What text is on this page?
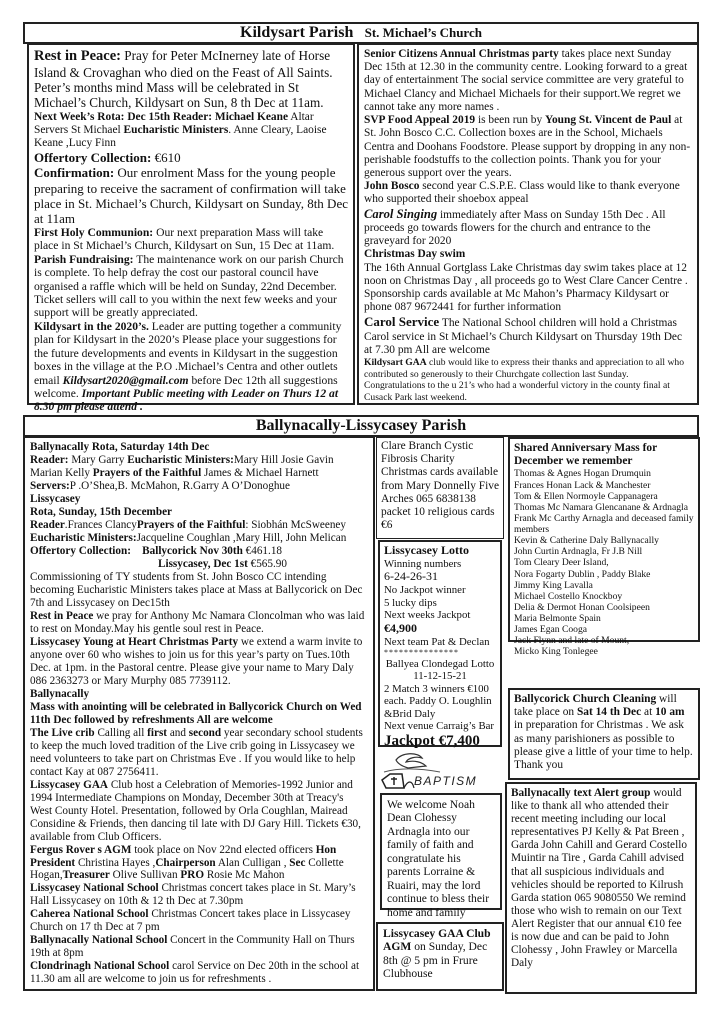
Kildysart Parish St. Michael’s Church

Rest in Peace: Pray for Peter McInerney late of Horse Island & Crovaghan who died on the Feast of All Saints. Peter’s months mind Mass will be celebrated in St Michael’s Church, Kildysart on Sun, 8 th Dec at 11am.

Next Week’s Rota: Dec 15th Reader: Michael Keane Altar Servers St Michael Eucharistic Ministers. Anne Cleary, Laoise Keane ,Lucy Finn

Offertory Collection: €610

Confirmation: Our enrolment Mass for the young people preparing to receive the sacrament of confirmation will take place in St. Michael’s Church, Kildysart on Sunday, 8th Dec at 11am

First Holy Communion: Our next preparation Mass will take place in St Michael’s Church, Kildysart on Sun, 15 Dec at 11am.

Parish Fundraising: The maintenance work on our parish Church is complete. To help defray the cost our pastoral council have organised a raffle which will be held on Sunday, 22nd December. Ticket sellers will call to you within the next few weeks and your support will be greatly appreciated.

Kildysart in the 2020’s. Leader are putting together a community plan for Kildysart in the 2020’s Please place your suggestions for the future developments and events in Kildysart in the suggestion boxes in the village at the P.O .Michael’s Centra and other outlets email Kildysart2020@gmail.com before Dec 12th all suggestions welcome. Important Public meeting with Leader on Thurs 12 at 8.30 pm please attend .

Senior Citizens Annual Christmas party takes place next Sunday Dec 15th at 12.30 in the community centre. Looking forward to a great day of entertainment The social service committee are very grateful to Michael Clancy and Michael Michaels for their support.We regret we cannot take any more names .

SVP Food Appeal 2019 is been run by Young St. Vincent de Paul at St. John Bosco C.C. Collection boxes are in the School, Michaels Centra and Doohans Foodstore. Please support by dropping in any non-perishable foodstuffs to the collection points. Thank you for your generous support over the years.

John Bosco second year C.S.P.E. Class would like to thank everyone who supported their shoebox appeal

Carol Singing immediately after Mass on Sunday 15th Dec . All proceeds go towards flowers for the church and entrance to the graveyard for 2020

Christmas Day swim

The 16th Annual Gortglass Lake Christmas day swim takes place at 12 noon on Christmas Day , all proceeds go to West Clare Cancer Centre . Sponsorship cards available at Mc Mahon’s Pharmacy Kildysart or phone 087 9672441 for further information

Carol Service The National School children will hold a Christmas Carol service in St Michael’s Church Kildysart on Thursday 19th Dec at 7.30 pm All are welcome

Kildysart GAA club would like to express their thanks and appreciation to all who contributed so generously to their Churchgate collection last Sunday. Congratulations to the u 21’s who had a wonderful victory in the county final at Cusack Park last weekend.

Ballynacally-Lissycasey Parish

Ballynacally Rota, Saturday 14th Dec

Reader: Mary Garry Eucharistic Ministers:Mary Hill Josie Gavin Marian Kelly Prayers of the Faithful James & Michael Harnett

Servers:P .O’Shea,B. McMahon, R.Garry A O’Donoghue

Lissycasey

Rota, Sunday, 15th December

Reader.Frances ClancyPrayers of the Faithful: Siobhán McSweeney

Eucharistic Ministers:Jacqueline Coughlan ,Mary Hill, John Melican

Offertory Collection: Ballycorick Nov 30th €461.18
Lissycasey, Dec 1st €565.90

Commissioning of TY students from St. John Bosco CC intending becoming Eucharistic Ministers takes place at Mass at Ballycorick on Dec 7th and Lissycasey on Dec15th

Rest in Peace we pray for Anthony Mc Namara Cloncolman who was laid to rest on Monday.May his gentle soul rest in Peace.

Lissycasey Young at Heart Christmas Party we extend a warm invite to anyone over 60 who wishes to join us for this year’s party on Tues.10th Dec. at 1pm. in the Pastoral centre. Please give your name to Mary Daly 086 2363273 or Mary Murphy 085 7739112.

Ballynacally

Mass with anointing will be celebrated in Ballycorick Church on Wed 11th Dec followed by refreshments All are welcome

The Live crib Calling all first and second year secondary school students to keep the much loved tradition of the Live crib going in Lissycasey we need volunteers to take part on Christmas Eve . If you would like to help contact Kay at 087 2756411.

Lissycasey GAA Club host a Celebration of Memories-1992 Junior and 1994 Intermediate Champions on Monday, December 30th at Treacy's West County Hotel. Presentation, followed by Orla Coughlan, Mairead Considine & Friends, then dancing til late with DJ Gary Hill. Tickets €30, available from Club Officers.

Fergus Rover s AGM took place on Nov 22nd elected officers Hon President Christina Hayes ,Chairperson Alan Culligan , Sec Collette Hogan,Treasurer Olive Sullivan PRO Rosie Mc Mahon

Lissycasey National School Christmas concert takes place in St. Mary’s Hall Lissycasey on 10th & 12 th Dec at 7.30pm

Caherea National School Christmas Concert takes place in Lissycasey Church on 17 th Dec at 7 pm

Ballynacally National School Concert in the Community Hall on Thurs 19th at 8pm

Clondrinagh National School carol Service on Dec 20th in the school at 11.30 am all are welcome to join us for refreshments .

Clare Branch Cystic Fibrosis Charity Christmas cards available from Mary Donnelly Five Arches 065 6838138 packet 10 religious cards €6

Lissycasey Lotto

Winning numbers

6-24-26-31

No Jackpot winner

5 lucky dips

Next weeks Jackpot

€4,900

Next team Pat & Declan

***************

Ballyea Clondegad Lotto

11-12-15-21

2 Match 3 winners €100 each. Paddy O. Loughlin &Brid Daly

Next venue Carraig’s Bar

Jackpot €7,400

BAPTISM

We welcome Noah Dean Clohessy Ardnagla into our family of faith and congratulate his parents Lorraine & Ruairi, may the lord continue to bless their home and family

Lissycasey GAA Club AGM on Sunday, Dec 8th @ 5 pm in Frure Clubhouse

Shared Anniversary Mass for December we remember

Thomas & Agnes Hogan Drumquin

Frances Honan Lack & Manchester

Tom & Ellen Normoyle Cappanagera

Thomas Mc Namara Glencanane & Ardnagla

Frank Mc Carthy Arnagla and deceased family members

Kevin & Catherine Daly Ballynacally

John Curtin Ardnagla, Fr J.B Nill

Tom Cleary Deer Island,

Nora Fogarty Dublin , Paddy Blake

Jimmy King Lavalla

Michael Costello Knockboy

Delia & Dermot Honan Coolsipeen

Maria Belmonte Spain

James Egan Cooga

Jack Flynn and late of Mount,

Micko King Tonlegee

Ballycorick Church Cleaning will take place on Sat 14 th Dec at 10 am in preparation for Christmas . We ask as many parishioners as possible to please give a little of your time to help. Thank you

Ballynacally text Alert group would like to thank all who attended their recent meeting including our local representatives PJ Kelly & Pat Breen , Garda John Cahill and Gerard Costello Muintir na Tire , Garda Cahill advised that all suspicious individuals and vehicles should be reported to Kilrush Garda station 065 9080550 We remind those who wish to remain on our Text Alert Register that our annual €10 fee is now due and can be paid to John Clohessy , John Frawley or Marcella Daly
